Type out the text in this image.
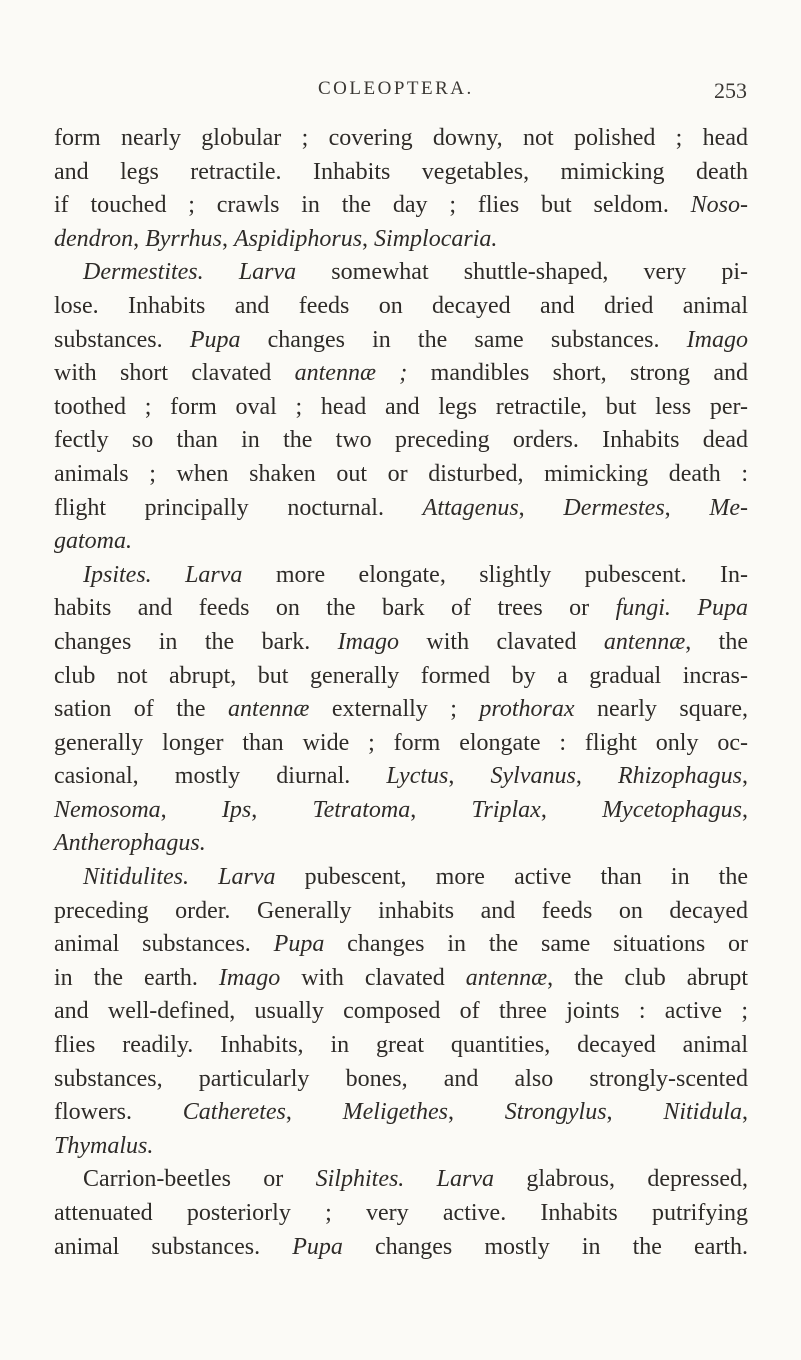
COLEOPTERA.	253
form nearly globular ; covering downy, not polished ; head
and legs retractile. Inhabits vegetables, mimicking death
if touched ; crawls in the day ; flies but seldom. Noso-
dendron, Byrrhus, Aspidiphorus, Simplocaria.
Dermestites. Larva somewhat shuttle-shaped, very pi-
lose. Inhabits and feeds on decayed and dried animal
substances. Pupa changes in the same substances. Imago
with short clavated antennæ ; mandibles short, strong and
toothed ; form oval ; head and legs retractile, but less per-
fectly so than in the two preceding orders. Inhabits dead
animals ; when shaken out or disturbed, mimicking death :
flight principally nocturnal. Attagenus, Dermestes, Me-
gatoma.
Ipsites. Larva more elongate, slightly pubescent. In-
habits and feeds on the bark of trees or fungi. Pupa
changes in the bark. Imago with clavated antennæ, the
club not abrupt, but generally formed by a gradual incras-
sation of the antennæ externally ; prothorax nearly square,
generally longer than wide ; form elongate : flight only oc-
casional, mostly diurnal. Lyctus, Sylvanus, Rhizophagus,
Nemosoma, Ips, Tetratoma, Triplax, Mycetophagus,
Antherophagus.
Nitidulites. Larva pubescent, more active than in the
preceding order. Generally inhabits and feeds on decayed
animal substances. Pupa changes in the same situations or
in the earth. Imago with clavated antennæ, the club abrupt
and well-defined, usually composed of three joints : active ;
flies readily. Inhabits, in great quantities, decayed animal
substances, particularly bones, and also strongly-scented
flowers. Catheretes, Meligethes, Strongylus, Nitidula,
Thymalus.
Carrion-beetles or Silphites. Larva glabrous, depressed,
attenuated posteriorly ; very active. Inhabits putrifying
animal substances. Pupa changes mostly in the earth.
